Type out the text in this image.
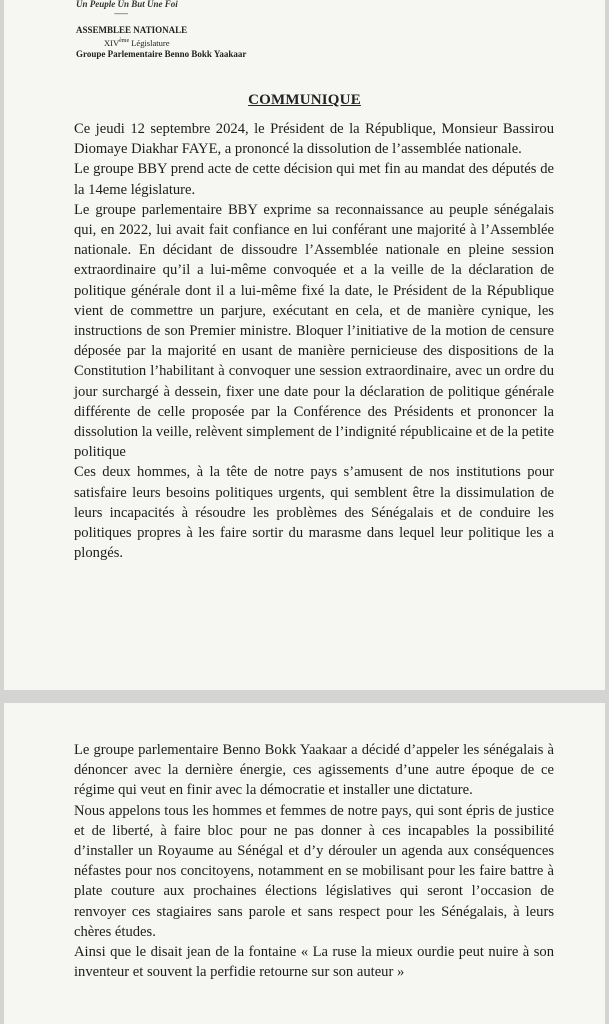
Un Peuple Un But Une Foi
--------
ASSEMBLEE NATIONALE
XIVème Législature
Groupe Parlementaire Benno Bokk Yaakaar
COMMUNIQUE

Ce jeudi 12 septembre 2024, le Président de la République, Monsieur Bassirou Diomaye Diakhar FAYE, a prononcé la dissolution de l’assemblée nationale.

Le groupe BBY prend acte de cette décision qui met fin au mandat des députés de la 14eme législature.

Le groupe parlementaire BBY exprime sa reconnaissance au peuple sénégalais qui, en 2022, lui avait fait confiance en lui conférant une majorité à l’Assemblée nationale. En décidant de dissoudre l’Assemblée nationale en pleine session extraordinaire qu’il a lui-même convoquée et a la veille de la déclaration de politique générale dont il a lui-même fixé la date, le Président de la République vient de commettre un parjure, exécutant en cela, et de manière cynique, les instructions de son Premier ministre. Bloquer l’initiative de la motion de censure déposée par la majorité en usant de manière pernicieuse des dispositions de la Constitution l’habilitant à convoquer une session extraordinaire, avec un ordre du jour surchargé à dessein, fixer une date pour la déclaration de politique générale différente de celle proposée par la Conférence des Présidents et prononcer la dissolution la veille, relèvent simplement de l’indignité républicaine et de la petite politique

Ces deux hommes, à la tête de notre pays s’amusent de nos institutions pour satisfaire leurs besoins politiques urgents, qui semblent être la dissimulation de leurs incapacités à résoudre les problèmes des Sénégalais et de conduire les politiques propres à les faire sortir du marasme dans lequel leur politique les a plongés.

Le groupe parlementaire Benno Bokk Yaakaar a décidé d’appeler les sénégalais à dénoncer avec la dernière énergie, ces agissements d’une autre époque de ce régime qui veut en finir avec la démocratie et installer une dictature.

Nous appelons tous les hommes et femmes de notre pays, qui sont épris de justice et de liberté, à faire bloc pour ne pas donner à ces incapables la possibilité d’installer un Royaume au Sénégal et d’y dérouler un agenda aux conséquences néfastes pour nos concitoyens, notamment en se mobilisant pour les faire battre à plate couture aux prochaines élections législatives qui seront l’occasion de renvoyer ces stagiaires sans parole et sans respect pour les Sénégalais, à leurs chères études.

Ainsi que le disait jean de la fontaine « La ruse la mieux ourdie peut nuire à son inventeur et souvent la perfidie retourne sur son auteur »
